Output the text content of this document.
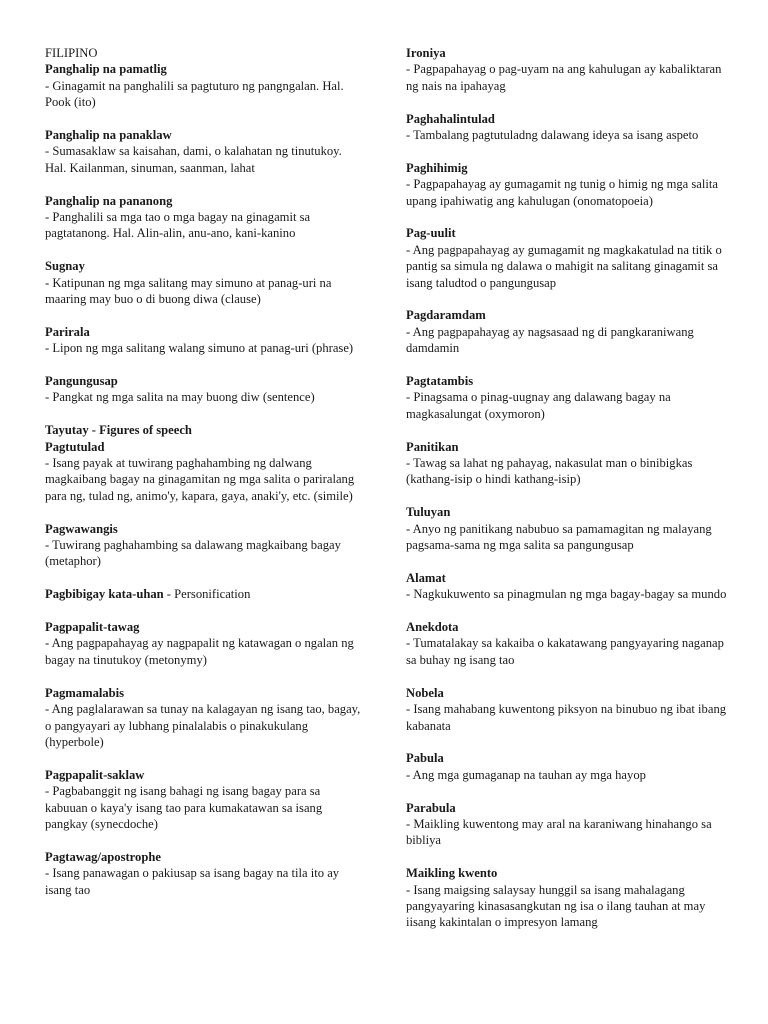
FILIPINO

Panghalip na pamatlig

- Ginagamit na panghalili sa pagtuturo ng pangngalan. Hal. Pook (ito)

Panghalip na panaklaw

- Sumasaklaw sa kaisahan, dami, o kalahatan ng tinutukoy. Hal. Kailanman, sinuman, saanman, lahat

Panghalip na pananong

- Panghalili sa mga tao o mga bagay na ginagamit sa pagtatanong. Hal. Alin-alin, anu-ano, kani-kanino

Sugnay

- Katipunan ng mga salitang may simuno at panag-uri na maaring may buo o di buong diwa (clause)

Parirala

- Lipon ng mga salitang walang simuno at panag-uri (phrase)

Pangungusap

- Pangkat ng mga salita na may buong diw (sentence)

Tayutay - Figures of speech

Pagtutulad

- Isang payak at tuwirang paghahambing ng dalwang magkaibang bagay na ginagamitan ng mga salita o pariralang para ng, tulad ng, animo'y, kapara, gaya, anaki'y, etc. (simile)

Pagwawangis

- Tuwirang paghahambing sa dalawang magkaibang bagay (metaphor)

Pagbibigay kata-uhan - Personification

Pagpapalit-tawag

- Ang pagpapahayag ay nagpapalit ng katawagan o ngalan ng bagay na tinutukoy (metonymy)

Pagmamalabis

- Ang paglalarawan sa tunay na kalagayan ng isang tao, bagay, o pangyayari ay lubhang pinalalabis o pinakukulang (hyperbole)

Pagpapalit-saklaw

- Pagbabanggit ng isang bahagi ng isang bagay para sa kabuuan o kaya'y isang tao para kumakatawan sa isang pangkay (synecdoche)

Pagtawag/apostrophe

- Isang panawagan o pakiusap sa isang bagay na tila ito ay isang tao

Ironiya

- Pagpapahayag o pag-uyam na ang kahulugan ay kabaliktaran ng nais na ipahayag

Paghahalintulad

- Tambalang pagtutuladng dalawang ideya sa isang aspeto

Paghihimig

- Pagpapahayag ay gumagamit ng tunig o himig ng mga salita upang ipahiwatig ang kahulugan (onomatopoeia)

Pag-uulit

- Ang pagpapahayag ay gumagamit ng magkakatulad na titik o pantig sa simula ng dalawa o mahigit na salitang ginagamit sa isang taludtod o pangungusap

Pagdaramdam

- Ang pagpapahayag ay nagsasaad ng di pangkaraniwang damdamin

Pagtatambis

- Pinagsama o pinag-uugnay ang dalawang bagay na magkasalungat (oxymoron)

Panitikan

- Tawag sa lahat ng pahayag, nakasulat man o binibigkas (kathang-isip o hindi kathang-isip)

Tuluyan

- Anyo ng panitikang nabubuo sa pamamagitan ng malayang pagsama-sama ng mga salita sa pangungusap

Alamat

- Nagkukuwento sa pinagmulan ng mga bagay-bagay sa mundo

Anekdota

- Tumatalakay sa kakaiba o kakatawang pangyayaring naganap sa buhay ng isang tao

Nobela

- Isang mahabang kuwentong piksyon na binubuo ng ibat ibang kabanata

Pabula

- Ang mga gumaganap na tauhan ay mga hayop

Parabula

- Maikling kuwentong may aral na karaniwang hinahango sa bibliya

Maikling kwento

- Isang maigsing salaysay hunggil sa isang mahalagang pangyayaring kinasasangkutan ng isa o ilang tauhan at may iisang kakintalan o impresyon lamang
